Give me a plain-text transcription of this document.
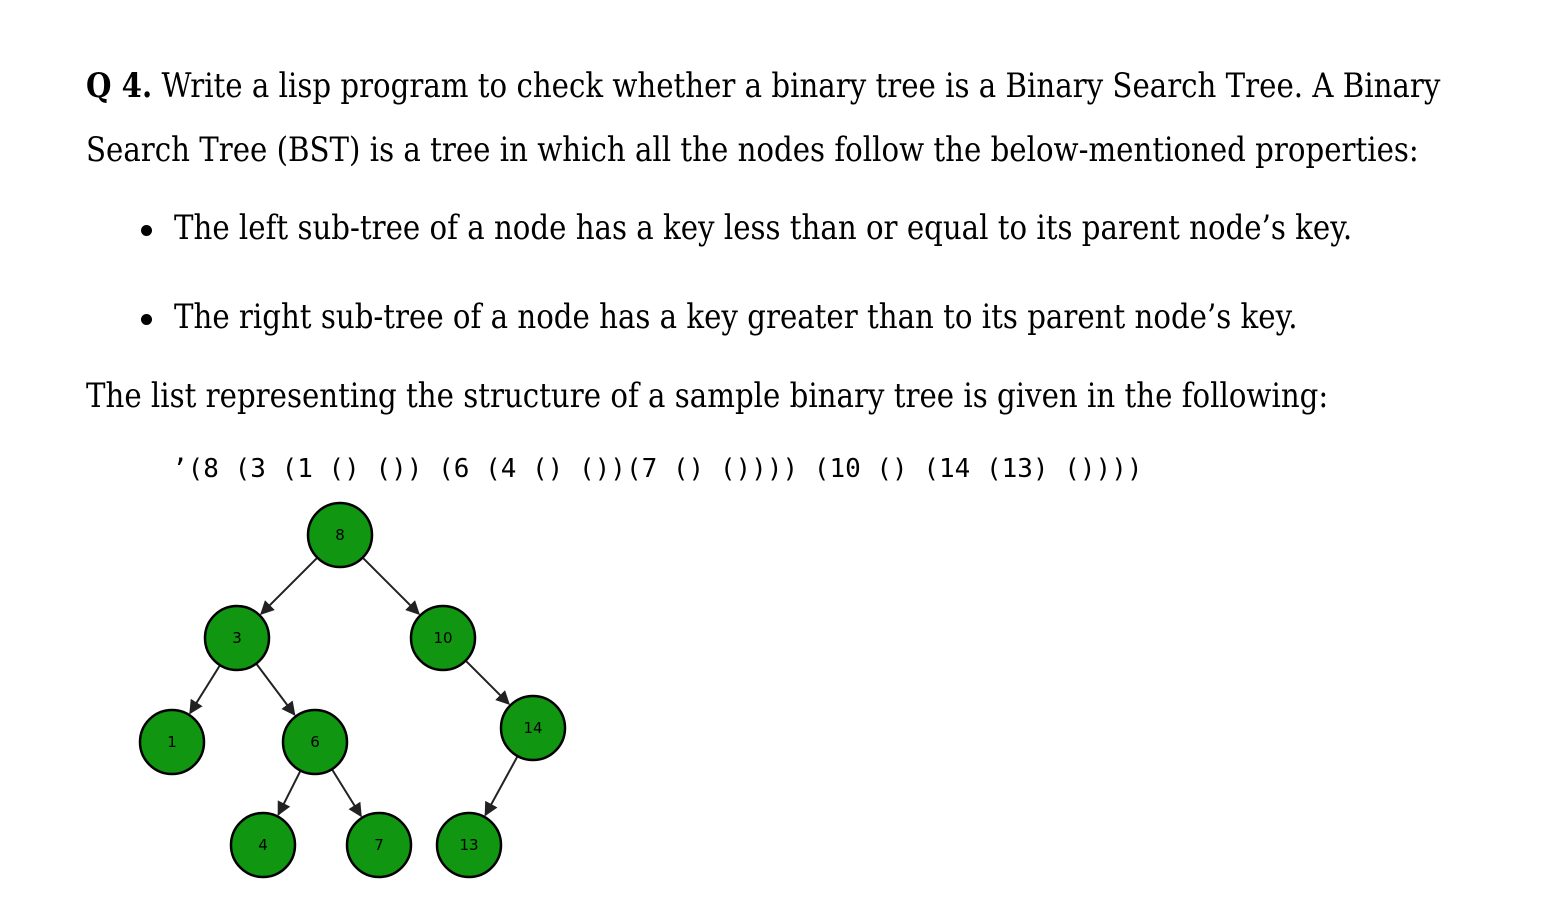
Q 4. Write a lisp program to check whether a binary tree is a Binary Search Tree. A Binary
Search Tree (BST) is a tree in which all the nodes follow the below-mentioned properties:
The left sub-tree of a node has a key less than or equal to its parent node’s key.
The right sub-tree of a node has a key greater than to its parent node’s key.
The list representing the structure of a sample binary tree is given in the following:
’(8 (3 (1 () ()) (6 (4 () ())(7 () ()))) (10 () (14 (13) ())))
8
3	10
1	6
14
4	7	13
